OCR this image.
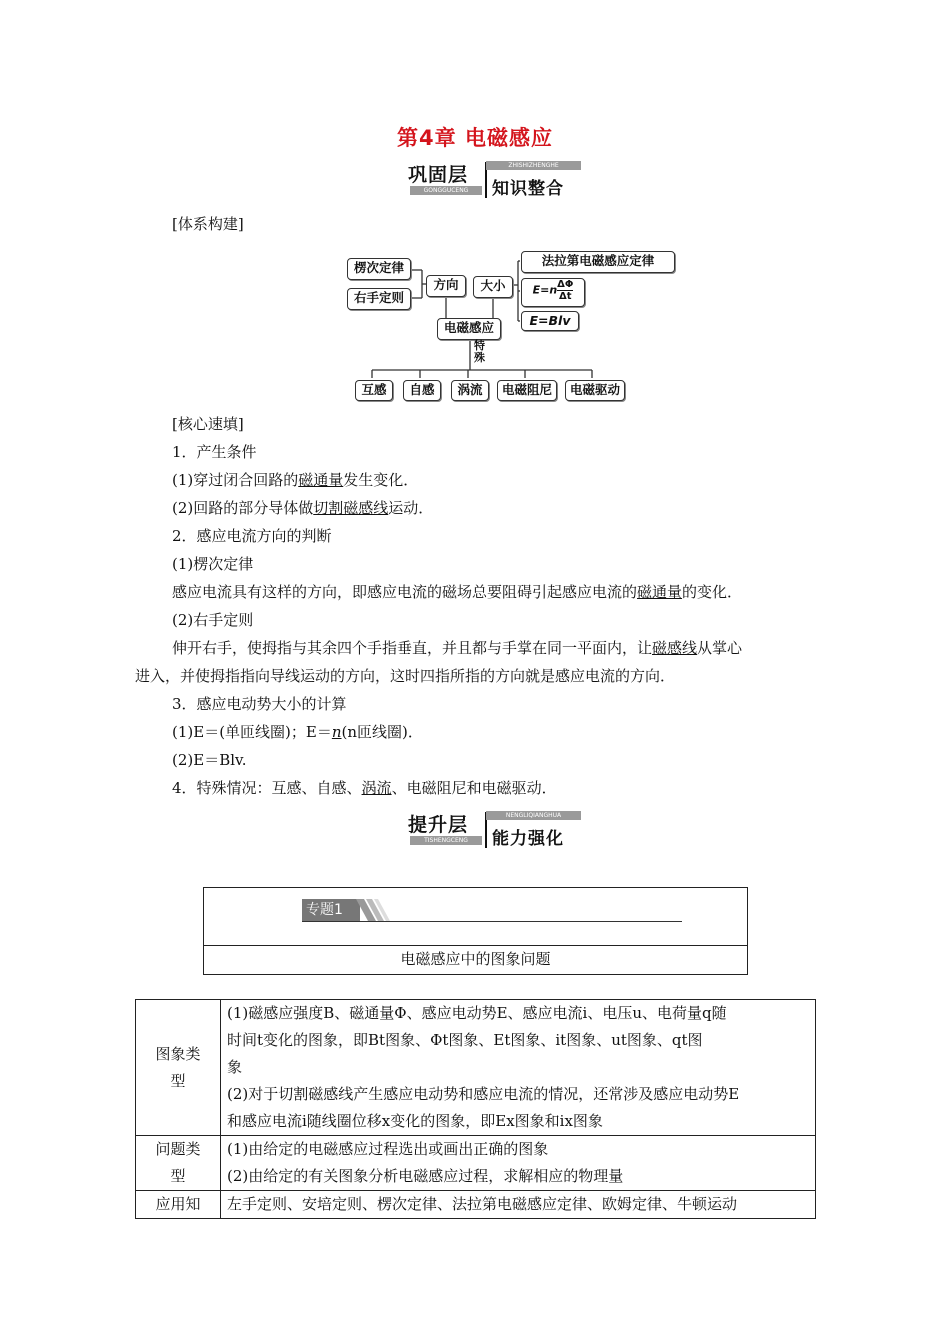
第4章 电磁感应
巩固层
GONGGUCENG
ZHISHIZHENGHE
知识整合
[体系构建]
楞次定律
右手定则
方向	大小
法拉第电磁感应定律
$E=n \frac{\Delta\Phi}{\Delta t}$
E=Blv
电磁感应
特殊
互感	自感	涡流	电磁阻尼	电磁驱动
[核心速填]
1．产生条件
(1)穿过闭合回路的磁通量发生变化．
(2)回路的部分导体做切割磁感线运动．
2．感应电流方向的判断
(1)楞次定律
感应电流具有这样的方向，即感应电流的磁场总要阻碍引起感应电流的磁通量的变化．
(2)右手定则
伸开右手，使拇指与其余四个手指垂直，并且都与手掌在同一平面内，让磁感线从掌心
进入，并使拇指指向导线运动的方向，这时四指所指的方向就是感应电流的方向．
3．感应电动势大小的计算
(1)E＝(单匝线圈)；E＝n(n匝线圈)．
(2)E＝Blv.
4．特殊情况：互感、自感、涡流、电磁阻尼和电磁驱动．
提升层
TISHENGCENG
NENGLIQIANGHUA
能力强化
专题1
电磁感应中的图象问题
图象类型	(1)磁感应强度B、磁通量Φ、感应电动势E、感应电流i、电压u、电荷量q随
时间t变化的图象，即Bt图象、Φt图象、Et图象、it图象、ut图象、qt图
象
(2)对于切割磁感线产生感应电动势和感应电流的情况，还常涉及感应电动势E
和感应电流i随线圈位移x变化的图象，即Ex图象和ix图象

问题类型	(1)由给定的电磁感应过程选出或画出正确的图象
(2)由给定的有关图象分析电磁感应过程，求解相应的物理量

应用知	左手定则、安培定则、楞次定律、法拉第电磁感应定律、欧姆定律、牛顿运动
